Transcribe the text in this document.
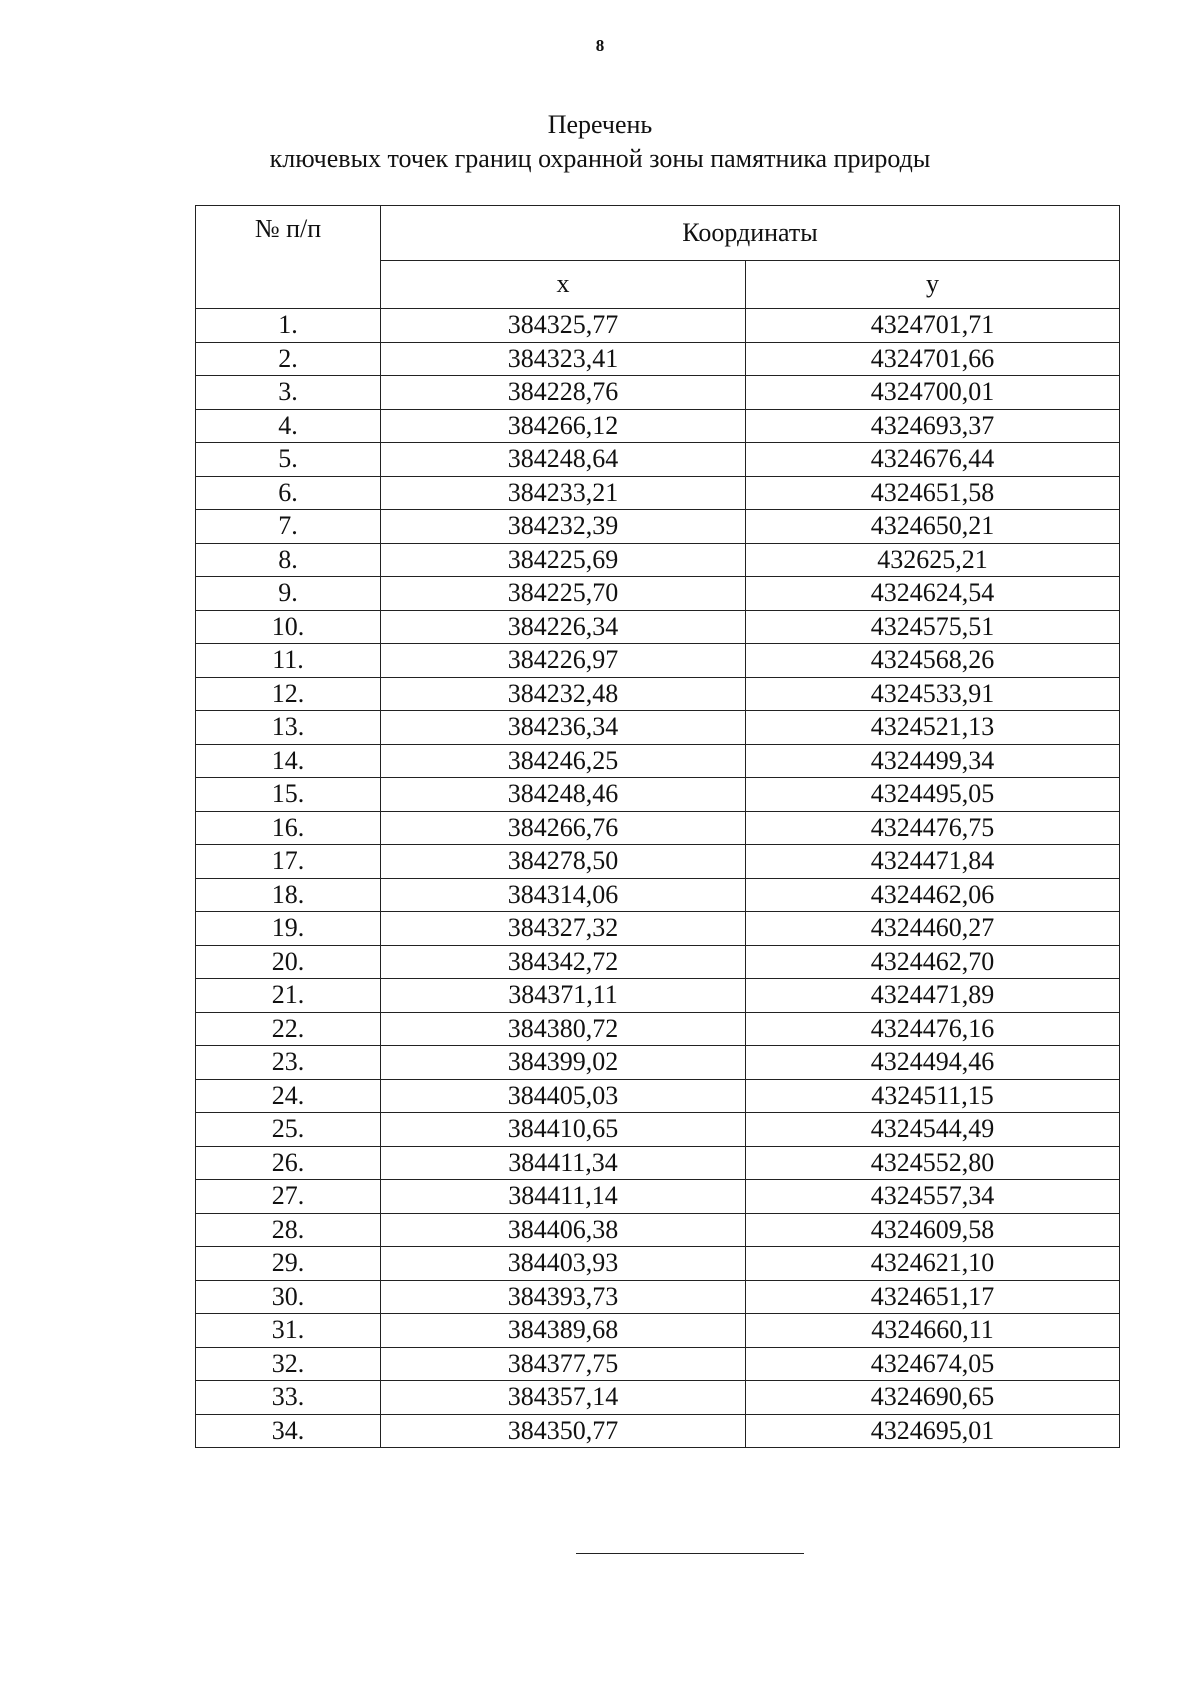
8
Перечень
ключевых точек границ охранной зоны памятника природы
№ п/п	Координаты	
	x	y
1.	384325,77	4324701,71
2.	384323,41	4324701,66
3.	384228,76	4324700,01
4.	384266,12	4324693,37
5.	384248,64	4324676,44
6.	384233,21	4324651,58
7.	384232,39	4324650,21
8.	384225,69	432625,21
9.	384225,70	4324624,54
10.	384226,34	4324575,51
11.	384226,97	4324568,26
12.	384232,48	4324533,91
13.	384236,34	4324521,13
14.	384246,25	4324499,34
15.	384248,46	4324495,05
16.	384266,76	4324476,75
17.	384278,50	4324471,84
18.	384314,06	4324462,06
19.	384327,32	4324460,27
20.	384342,72	4324462,70
21.	384371,11	4324471,89
22.	384380,72	4324476,16
23.	384399,02	4324494,46
24.	384405,03	4324511,15
25.	384410,65	4324544,49
26.	384411,34	4324552,80
27.	384411,14	4324557,34
28.	384406,38	4324609,58
29.	384403,93	4324621,10
30.	384393,73	4324651,17
31.	384389,68	4324660,11
32.	384377,75	4324674,05
33.	384357,14	4324690,65
34.	384350,77	4324695,01
